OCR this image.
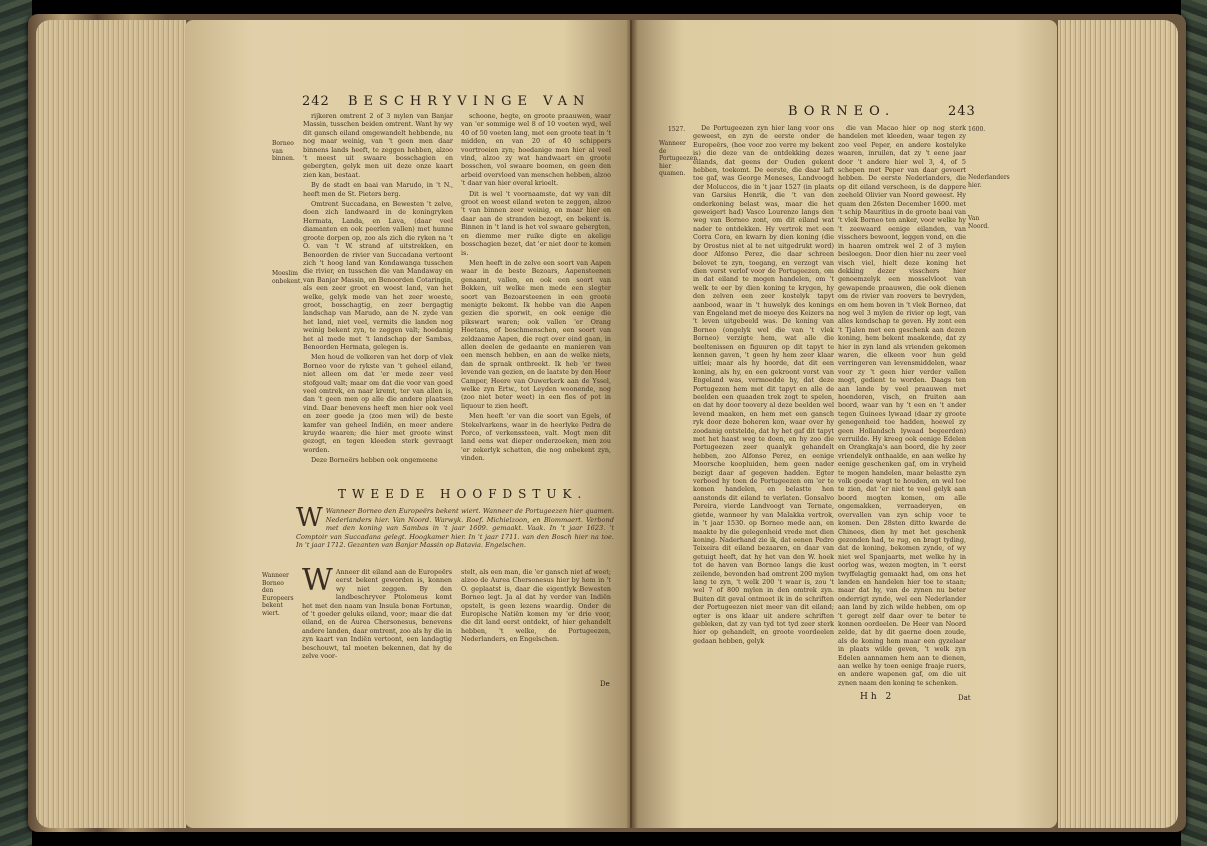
242 BESCHRYVINGE VAN
Borneo van binnen.
Moeslim onbekent.
Wanneer Borneo den Europeers bekent wiert.

rijkeren omtrent 2 of 3 mylen van Banjar Massin, tusschen beiden omtrent. Want hy wy dit gansch eiland omgewandelt hebbende, nu nog maar weinig, van 't geen men daar binnens lands heeft, te zeggen hebben, alzoo 't meest uit swaare bosschagien en gebergten, gelyk men uit deze onze kaart zien kan, bestaat.

By de stadt en baai van Marudo, in 't N., heeft men de St. Pieters berg.

Omtrent Succadana, en Bewesten 't zelve, doen zich landwaard in de koningryken Hermata, Landa, en Lava, (daar veel diamanten en ook peerlen vallen) met hunne groote dorpen op, zoo als zich die ryken na 't O. van 't W. strand af uitstrekken, en Benoorden de rivier van Succadana vertoont zich 't hoog land van Kondawanga tusschen die rivier, en tusschen die van Mandaway en van Banjar Massin, en Benoorden Cotaringin, als een zeer groot en woest land, van het welke, gelyk mede van het zeer woeste, groot, bosschagtig, en zeer bergagtig landschap van Marudo, aan de N. zyde van het land, niet veel, vermits die landen nog weinig bekent zyn, te zeggen valt; hoedanig het al mede met 't landschap der Sambas, Benoorden Hermata, gelegen is.

Men houd de volkeren van het dorp of vlek Borneo voor de rykste van 't geheel eiland, niet alleen om dat 'er mede zeer veel stofgoud valt; maar om dat die voor van goed veel omtrek, en naar kremt, ter van allen is, dan 't geen men op alle die andere plaatsen vind. Daar benevens heeft men hier ook veel en zeer goede ja (zoo men wil) de beste kamfer van geheel Indiën, en meer andere kruyde waaren; die hier met groote winst gezogt, en tegen kleeden sterk gevraagt worden.

Deze Borneërs hebben ook ongemeene

schoone, hegte, en groote praauwen, waar van 'er sommige wel 8 of 10 voeten wyd, wel 40 of 50 voeten lang, met een groote teat in 't midden, en van 20 of 40 schippers voortroeien zyn; hoedanige men hier al veel vind, alzoo zy wat handwaart en groote bosschen, vol swaare boomen, en geen den arbeid overvloed van menschen hebben, alzoo 't daar van hier overal krioelt.

Dit is wel 't voornaamste, dat wy van dit groot en woest eiland weten te zeggen, alzoo 't van binnen zeer weinig, en maar hier en daar aan de stranden bezogt, en bekent is. Binnen in 't land is het vol swaare gebergten, en diemme mer ruike digte en akelige bosschagien bezet, dat 'er niet door te komen is.

Men heeft in de zelve een soort van Aapen waar in de beste Bezoars, Aapensteenen genaamt, vallen, en ook een soort van Bokken, uit welke men mede een slegter soort van Bezoarsteenen in een groote menigte bekomt. Ik hebbe van die Aapen gezien die sporwit, en ook eenige die pikswart waren; ook vallen 'er Orang Hoetans, of boschmenschen, een soort van zeldzaame Aapen, die regt over eind gaan, in allen deelen de gedaante en manieren van een mensch hebben, en aan de welke niets, dan de spraak ontbreekt. Ik heb 'er twee levende van gezien, en de laatste by den Heer Camper, Heere van Ouwerkerk aan de Yssel, welke zyn Ertw., tot Leyden woonende, nog (zoo niet beter weet) in een fles of pot in liquour te zien heeft.

Men heeft 'er van die soort van Egels, of Stekelvarkens, waar in de heerlyke Pedra de Porco, of verkenssteen, valt. Mogt men dit land eens wat dieper onderzoeken, men zou 'er zekerlyk schatten, die nog onbekent zyn, vinden.

TWEEDE HOOFDSTUK.
W Wanneer Borneo den Europeërs bekent wiert. Wanneer de Portugeezen hier quamen. Nederlanders hier. Van Noord. Warwyk. Roef. Michielzoon, en Blommaert. Verbond met den koning van Sambas in 't jaar 1609. gemaakt. Vaak. In 't jaar 1623. 't Comptoir van Succadana gelegt. Hoogkamer hier. In 't jaar 1711. van den Bosch hier na toe. In 't jaar 1712. Gezanten van Banjar Massin op Batavia. Engelschen.
W Anneer dit eiland aan de Europeërs eerst bekent geworden is, konnen wy niet zeggen. By den landbeschryver Ptolomeus komt het met den naam van Insula bonæ Fortunæ, of 't goeder geluks eiland, voor; maar die dat eiland, en de Aurea Chersonesus, benevens andere landen, daar omtrent, zoo als hy die in zyn kaart van Indiën vertoont, een landagtig beschouwt, tal moeten bekennen, dat hy de zelve voor-
stelt, als een man, die 'er gansch niet af weet; alzoo de Aurea Chersonesus hier by hem in 't O. geplaatst is, daar die eigentlyk Bewesten Borneo legt. Ja al dat hy verder van Indiën opstelt, is geen lezens waardig. Onder de Europische Natiën komen my 'er drie voor, die dit land eerst ontdekt, of hier gehandelt hebben, 't welke, de Portugeezen, Nederlanders, en Engelschen.
De
BORNEO.	243
1527.
Wanneer de Portugeezen hier quamen.
1600.
Nederlanders hier.
Van Noord.

De Portugeezen zyn hier lang voor ons geweest, en zyn de eerste onder de Europeërs, (hoe voor zoo verre my bekent is) die deze van de ontdekking dezes eilands, dat geens der Ouden gekent hebben, toekomt. De eerste, die daar laft toe gaf, was George Meneses, Landvoogd der Moluccos, die in 't jaar 1527 (in plaats van Garsius Henrik, die 't van den onderkoning belast was, maar die het geweigert had) Vasco Lourenzo langs den weg van Borneo zont, om dit eiland wat nader te ontdekken. Hy vertrok met een Corra Cora, en kwarn by dien koning (die by Orostus niet al te net uitgedrukt word) door Alfonso Perez, die daar schreen belovet te zyn, toegang, en verzogt van dien vorst verlof voor de Portugeezen, om in dat eiland te mogen handelen, om 't welk te eer by dien koning te krygen, hy den zelven een zeer kostelyk tapyt aanbood, waar in 't huwelyk des konings van Engeland met de moeye des Keizers na 't leven uitgebeeld was. De koning van Borneo (ongelyk wel die van 't vlek Borneo) verzigte hem, wat alle die beeltenissen en figuuren op dit tapyt te kennen gaven, 't geen hy hem zeer klaar uitlei; maar als hy hoorde, dat dit een koning, als hy, en een gekroont vorst van Engeland was, vermoedde hy, dat deze Portugezen hem met dit tapyt en alle de beelden een quaaden trek zogt te spelen, en dat hy door toovery al deze beelden wel levend maaken, en hem met een gansch ryk door deze boheren kon, waar over hy zoodanig ontstelde, dat hy het gaf dit tapyt met het haast weg te doen, en hy zoo die Portugeezen zeer quaalyk gehandelt hebben, zoo Alfonso Perez, en eenige Moorsche koopluiden, hem geen nader bezigt daar af gegeven hadden. Egter verboed hy toen de Portugeezen om 'er te komen handelen, en belastte hen aanstonds dit eiland te verlaten. Gonsalvo Pereira, vierde Landvoogt van Ternate, gietde, wanneer hy van Malakka vertrok, in 't jaar 1530. op Borneo mede aan, en maakte by die gelegenheid vrede met dien koning. Naderhand zie ik, dat eenen Pedro Teixeira dit eiland bezaaren, en daar van getuigt heeft, dat hy het van den W. hoek tot de haven van Borneo langs die kust zeilende, bevonden had omtrent 200 mylen lang te zyn, 't welk 200 't waar is, zou 't wel 7 of 800 mylen in den omtrek zyn. Buiten dit geval ontmoet ik in de schriften der Portugeezen niet meer van dit eiland; egter is ons klaar uit andere schriften gebleken, dat zy van tyd tot tyd zeer sterk hier op gehandelt, en groote voordeelen gedaan hebben, gelyk

die van Macao hier op nog sterk handelen met kleeden, waar tegen zy zoo veel Peper, en andere kostelyke waaren, inruilen, dat zy 't eene jaar door 't andere hier wel 3, 4, of 5 schepen met Peper van daar gevoert hebben. De eerste Nederlanders, die op dit eiland verscheen, is de dappere zeeheld Olivier van Noord geweest. Hy quam den 26sten December 1600. met 't schip Mauritius in de groote baai van 't vlek Borneo ten anker, voor welke hy 't zeewaard eenige eilanden, van visschers bewoont, leggen vond, en die in haaren omtrek wel 2 of 3 mylen besloegen. Door dien hier nu zeer veel visch viel, hielt deze koning het dekking dezer visschers hier genoemzelyk een mosselvloot van gewapende praauwen, die ook dienen om de rivier van roovers te bevryden, en om hem boven in 't vlek Borneo, dat nog wel 3 mylen de rivier op legt, van alles kondschap te geven. Hy zont een 't Tjalen met een geschenk aan dezen koning, hem bekent maakende, dat zy hier in zyn land als vrienden gekomen waren, die elkeen voor hun geld verringeren van levensmiddelen, waar voor zy 't geen hier verder vallen mogt, gedient te worden. Daags ten aan lande by veel praauwen met hoenderen, visch, en fruiten aan boord, waar van hy 't een en 't ander tegen Guinees lywaad (daar zy groote genegenheid toe hadden, hoewel zy geen Hollandsch lywaad begeerden) verruilde. Hy kreeg ook eenige Edelen en Orangkaja's aan boord, die hy zeer vriendelyk onthaalde, en aan welke hy eenige geschenken gaf, om in vryheid te mogen handelen, maar belastte zyn volk goede wagt te houden, en wel toe te zien, dat 'er niet te veel gelyk aan boord mogten komen, om alle ongemakken, verraaderyen, en overvallen van zyn schip voor te komen. Den 28sten ditto kwarde de Chinees, dien hy met het geschenk gezonden had, te rug, en bragt tyding, dat de koning, bekomen zynde, of wy niet wel Spanjaarts, met welke hy in oorlog was, wezen mogten, in 't eerst twyffelagtig gemaakt had, om ons het landen en handelen hier toe te staan; maar dat hy, van de zynen nu beter onderrigt zynde, wel een Nederlander aan land by zich wilde hebben, om op 't geregt zelf daar over te beter te konnen oordeelen. De Heer van Noord zelde, dat hy dit gaerne doen zoude, als de koning hem maar een gyzelaar in plaats wilde geven, 't welk zyn Edelen aannamen hem aan te dienen, aan welke hy toen eenige fraaje ruers, en andere wapenen gaf, om die uit zynen naam den koning te schenken.

Hh 2	Dat
